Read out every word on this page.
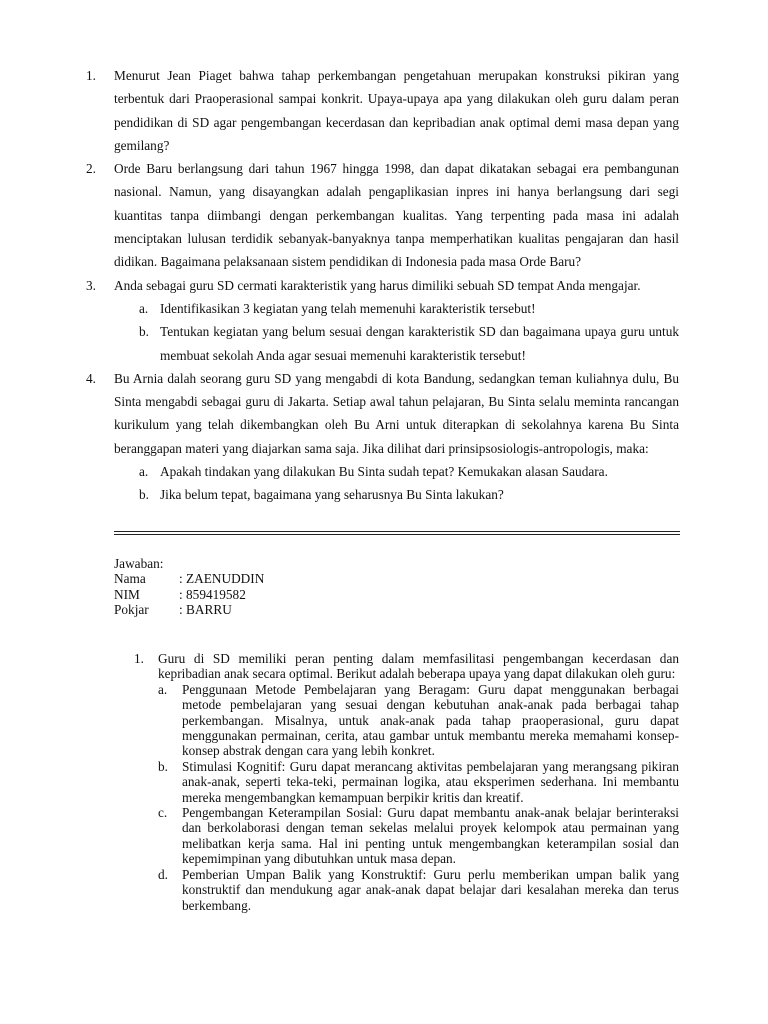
1. Menurut Jean Piaget bahwa tahap perkembangan pengetahuan merupakan konstruksi pikiran yang terbentuk dari Praoperasional sampai konkrit. Upaya-upaya apa yang dilakukan oleh guru dalam peran pendidikan di SD agar pengembangan kecerdasan dan kepribadian anak optimal demi masa depan yang gemilang?
2. Orde Baru berlangsung dari tahun 1967 hingga 1998, dan dapat dikatakan sebagai era pembangunan nasional. Namun, yang disayangkan adalah pengaplikasian inpres ini hanya berlangsung dari segi kuantitas tanpa diimbangi dengan perkembangan kualitas. Yang terpenting pada masa ini adalah menciptakan lulusan terdidik sebanyak-banyaknya tanpa memperhatikan kualitas pengajaran dan hasil didikan. Bagaimana pelaksanaan sistem pendidikan di Indonesia pada masa Orde Baru?
3. Anda sebagai guru SD cermati karakteristik yang harus dimiliki sebuah SD tempat Anda mengajar.
a. Identifikasikan 3 kegiatan yang telah memenuhi karakteristik tersebut!
b. Tentukan kegiatan yang belum sesuai dengan karakteristik SD dan bagaimana upaya guru untuk membuat sekolah Anda agar sesuai memenuhi karakteristik tersebut!
4. Bu Arnia dalah seorang guru SD yang mengabdi di kota Bandung, sedangkan teman kuliahnya dulu, Bu Sinta mengabdi sebagai guru di Jakarta. Setiap awal tahun pelajaran, Bu Sinta selalu meminta rancangan kurikulum yang telah dikembangkan oleh Bu Arni untuk diterapkan di sekolahnya karena Bu Sinta beranggapan materi yang diajarkan sama saja. Jika dilihat dari prinsipsosiologis-antropologis, maka:
a. Apakah tindakan yang dilakukan Bu Sinta sudah tepat? Kemukakan alasan Saudara.
b. Jika belum tepat, bagaimana yang seharusnya Bu Sinta lakukan?
Jawaban:
Nama	: ZAENUDDIN
NIM	: 859419582
Pokjar	: BARRU
1. Guru di SD memiliki peran penting dalam memfasilitasi pengembangan kecerdasan dan kepribadian anak secara optimal. Berikut adalah beberapa upaya yang dapat dilakukan oleh guru:
a. Penggunaan Metode Pembelajaran yang Beragam: Guru dapat menggunakan berbagai metode pembelajaran yang sesuai dengan kebutuhan anak-anak pada berbagai tahap perkembangan. Misalnya, untuk anak-anak pada tahap praoperasional, guru dapat menggunakan permainan, cerita, atau gambar untuk membantu mereka memahami konsep-konsep abstrak dengan cara yang lebih konkret.
b. Stimulasi Kognitif: Guru dapat merancang aktivitas pembelajaran yang merangsang pikiran anak-anak, seperti teka-teki, permainan logika, atau eksperimen sederhana. Ini membantu mereka mengembangkan kemampuan berpikir kritis dan kreatif.
c. Pengembangan Keterampilan Sosial: Guru dapat membantu anak-anak belajar berinteraksi dan berkolaborasi dengan teman sekelas melalui proyek kelompok atau permainan yang melibatkan kerja sama. Hal ini penting untuk mengembangkan keterampilan sosial dan kepemimpinan yang dibutuhkan untuk masa depan.
d. Pemberian Umpan Balik yang Konstruktif: Guru perlu memberikan umpan balik yang konstruktif dan mendukung agar anak-anak dapat belajar dari kesalahan mereka dan terus berkembang.
